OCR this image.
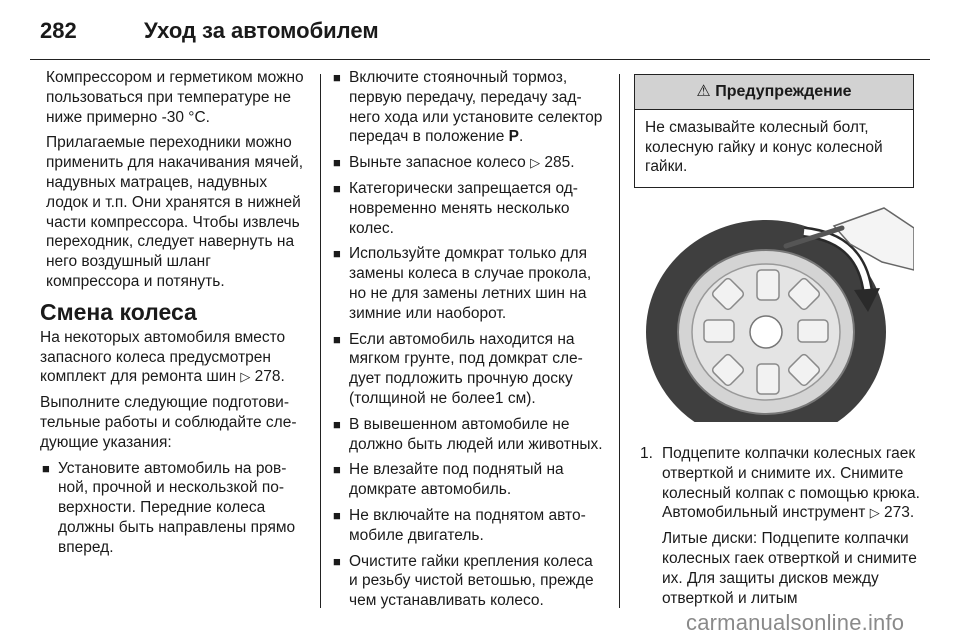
282	Уход за автомобилем

Компрессором и герметиком можно пользоваться при температуре не ниже примерно -30 °C.

Прилагаемые переходники можно применить для накачивания мячей, надувных матрацев, надувных лодок и т.п. Они хранятся в нижней части компрессора. Чтобы извлечь переходник, следует навернуть на него воздушный шланг компрессора и потянуть.

Смена колеса

На некоторых автомобиля вместо запасного колеса предусмотрен комплект для ремонта шин ▷ 278.

Выполните следующие подготовительные работы и соблюдайте следующие указания:

■ Установите автомобиль на ровной, прочной и нескользкой поверхности. Передние колеса должны быть направлены прямо вперед.
■ Включите стояночный тормоз, первую передачу, передачу заднего хода или установите селектор передач в положение P.
■ Выньте запасное колесо ▷ 285.
■ Категорически запрещается одновременно менять несколько колес.
■ Используйте домкрат только для замены колеса в случае прокола, но не для замены летних шин на зимние или наоборот.
■ Если автомобиль находится на мягком грунте, под домкрат следует подложить прочную доску (толщиной не более1 см).
■ В вывешенном автомобиле не должно быть людей или животных.
■ Не влезайте под поднятый на домкрате автомобиль.
■ Не включайте на поднятом автомобиле двигатель.
■ Очистите гайки крепления колеса и резьбу чистой ветошью, прежде чем устанавливать колесо.
⚠ Предупреждение
Не смазывайте колесный болт, колесную гайку и конус колесной гайки.
1. Подцепите колпачки колесных гаек отверткой и снимите их. Снимите колесный колпак с помощью крюка. Автомобильный инструмент ▷ 273.

Литые диски: Подцепите колпачки колесных гаек отверткой и снимите их. Для защиты дисков между отверткой и литым

carmanualsonline.info
